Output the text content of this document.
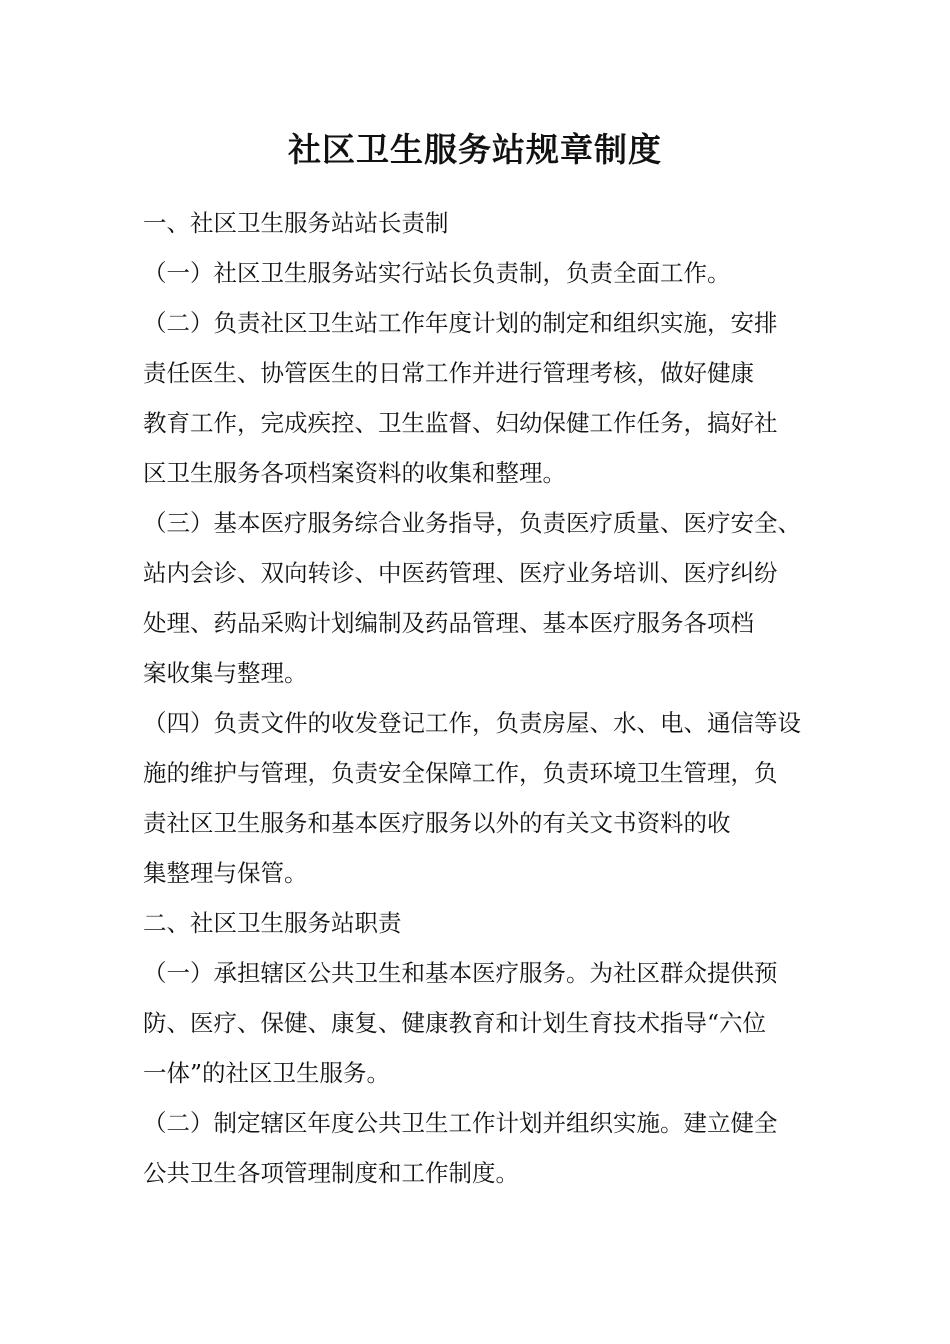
社区卫生服务站规章制度
一、社区卫生服务站站长责制
（一）社区卫生服务站实行站长负责制，负责全面工作。
（二）负责社区卫生站工作年度计划的制定和组织实施，安排
责任医生、协管医生的日常工作并进行管理考核，做好健康
教育工作，完成疾控、卫生监督、妇幼保健工作任务，搞好社
区卫生服务各项档案资料的收集和整理。
（三）基本医疗服务综合业务指导，负责医疗质量、医疗安全、
站内会诊、双向转诊、中医药管理、医疗业务培训、医疗纠纷
处理、药品采购计划编制及药品管理、基本医疗服务各项档
案收集与整理。
（四）负责文件的收发登记工作，负责房屋、水、电、通信等设
施的维护与管理，负责安全保障工作，负责环境卫生管理，负
责社区卫生服务和基本医疗服务以外的有关文书资料的收
集整理与保管。
二、社区卫生服务站职责
（一）承担辖区公共卫生和基本医疗服务。为社区群众提供预
防、医疗、保健、康复、健康教育和计划生育技术指导“六位
一体”的社区卫生服务。
（二）制定辖区年度公共卫生工作计划并组织实施。建立健全
公共卫生各项管理制度和工作制度。
